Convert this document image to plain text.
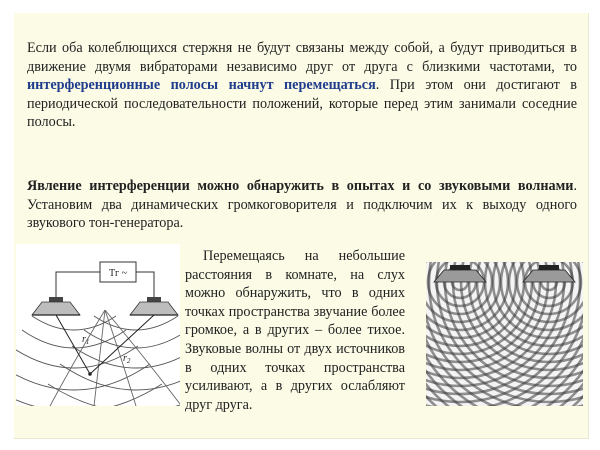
Если оба колеблющихся стержня не будут связаны между собой, а будут приводиться в движение двумя вибраторами независимо друг от друга с близкими частотами, то интерференционные полосы начнут перемещаться. При этом они достигают в периодической последовательности положений, которые перед этим занимали соседние полосы.

Явление интерференции можно обнаружить в опытах и со звуковыми волнами. Установим два динамических громкоговорителя и подключим их к выходу одного звукового тон-генератора.

Перемещаясь на небольшие расстояния в комнате, на слух можно обнаружить, что в одних точках пространства звучание более громкое, а в других – более тихое. Звуковые волны от двух источников в одних точках пространства усиливают, а в других ослабляют друг друга.

Тг ~
$r_1$
$r_2$
